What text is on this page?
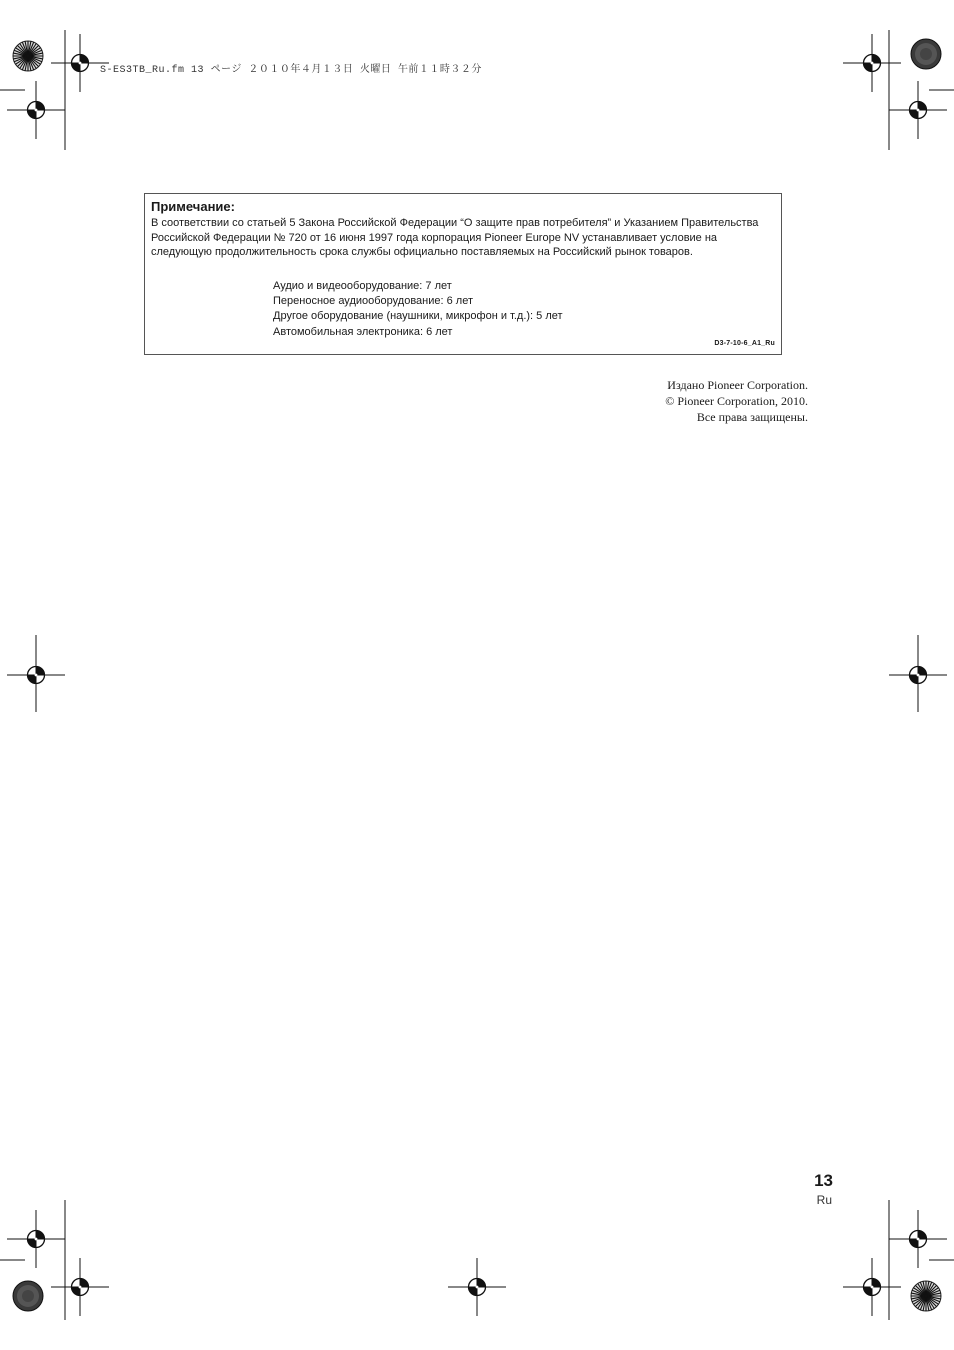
S-ES3TB_Ru.fm 13 ページ ２０１０年４月１３日 火曜日 午前１１時３２分
Примечание:
В соответствии со статьей 5 Закона Российской Федерации “О защите прав потребителя” и Указанием Правительства Российской Федерации № 720 от 16 июня 1997 года корпорация Pioneer Europe NV устанавливает условие на следующую продолжительность срока службы официально поставляемых на Российский рынок товаров.
Аудио и видеооборудование: 7 лет
Переносное аудиооборудование: 6 лет
Другое оборудование (наушники, микрофон и т.д.): 5 лет
Автомобильная электроника: 6 лет
D3-7-10-6_A1_Ru
Издано Pioneer Corporation.
© Pioneer Corporation, 2010.
Все права защищены.
13
Ru
